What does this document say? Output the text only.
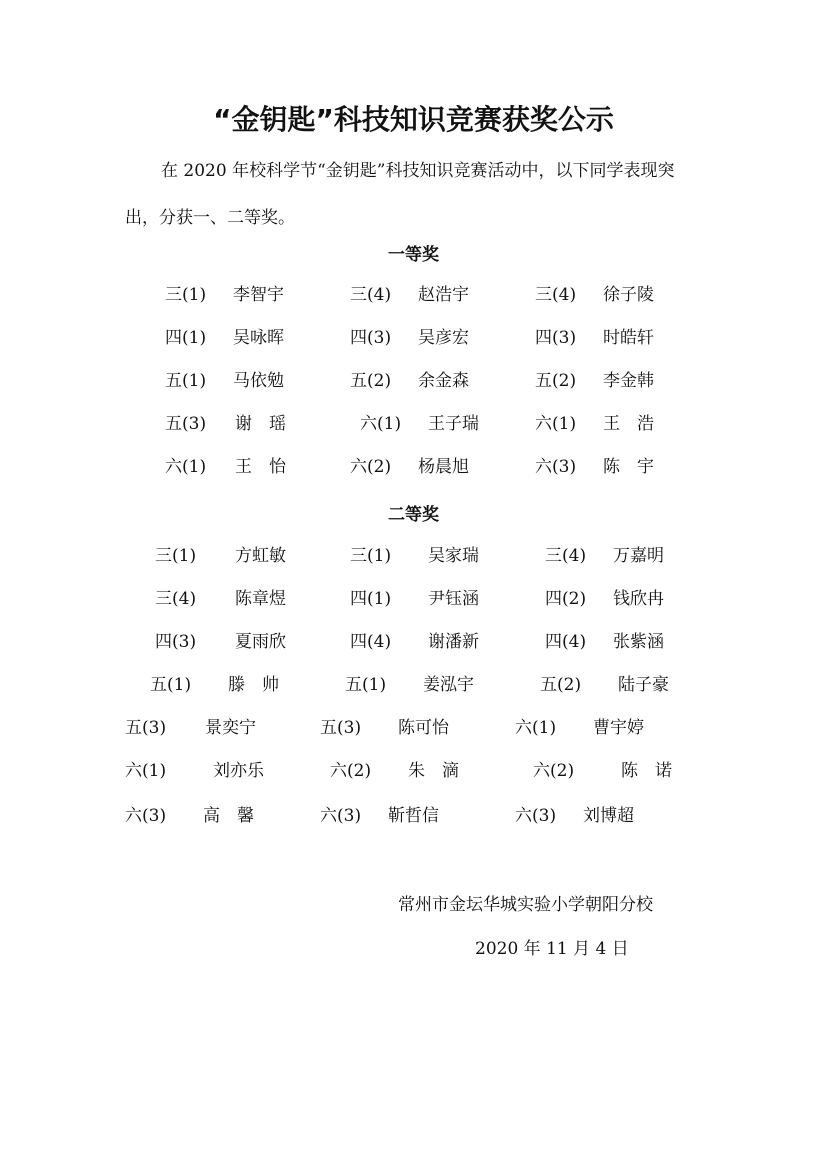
“金钥匙”科技知识竞赛获奖公示
在 2020 年校科学节“金钥匙”科技知识竞赛活动中，以下同学表现突出，分获一、二等奖。
一等奖
三(1) 李智宇	三(4) 赵浩宇	三(4) 徐子陵
四(1) 吴咏晖	四(3) 吴彦宏	四(3) 时皓轩
五(1) 马依勉	五(2) 余金森	五(2) 李金韩
五(3) 谢　瑶	六(1) 王子瑞	六(1) 王　浩
六(1) 王　怡	六(2) 杨晨旭	六(3) 陈　宇
二等奖
三(1) 方虹敏	三(1) 吴家瑞	三(4) 万嘉明
三(4) 陈章煜	四(1) 尹钰涵	四(2) 钱欣冉
四(3) 夏雨欣	四(4) 谢潘新	四(4) 张紫涵
五(1) 滕　帅	五(1) 姜泓宇	五(2) 陆子豪
五(3) 景奕宁	五(3) 陈可怡	六(1) 曹宇婷
六(1)	刘亦乐	六(2) 朱　滴	六(2)	陈　诺
六(3) 高　馨	六(3) 靳哲信	六(3) 刘博超
常州市金坛华城实验小学朝阳分校
2020 年 11 月 4 日
